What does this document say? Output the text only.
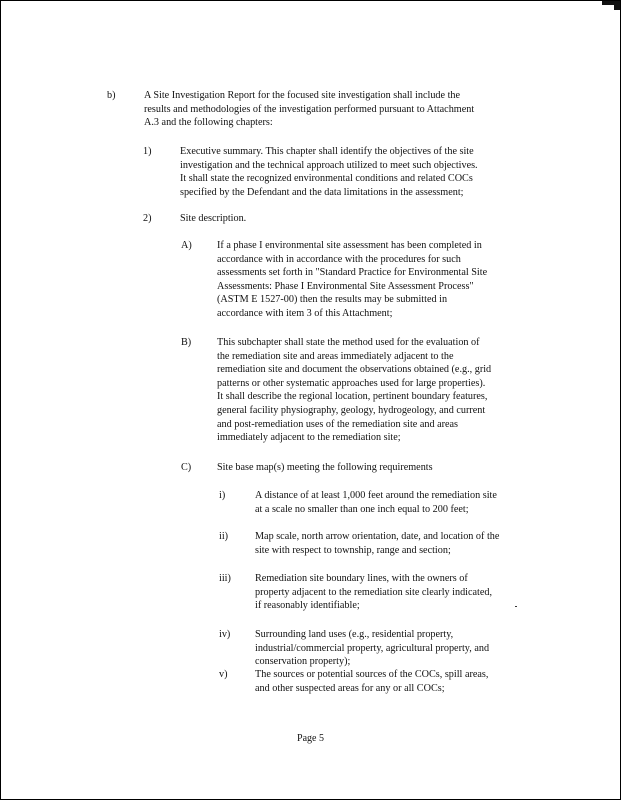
b)	A Site Investigation Report for the focused site investigation shall include the
results and methodologies of the investigation performed pursuant to Attachment
A.3 and the following chapters:
1)	Executive summary. This chapter shall identify the objectives of the site
investigation and the technical approach utilized to meet such objectives.
It shall state the recognized environmental conditions and related COCs
specified by the Defendant and the data limitations in the assessment;
2)	Site description.
A) If a phase I environmental site assessment has been completed in
accordance with in accordance with the procedures for such
assessments set forth in "Standard Practice for Environmental Site
Assessments: Phase I Environmental Site Assessment Process"
(ASTM E 1527-00) then the results may be submitted in
accordance with item 3 of this Attachment;
B)	This subchapter shall state the method used for the evaluation of
the remediation site and areas immediately adjacent to the
remediation site and document the observations obtained (e.g., grid
patterns or other systematic approaches used for large properties).
It shall describe the regional location, pertinent boundary features,
general facility physiography, geology, hydrogeology, and current
and post-remediation uses of the remediation site and areas
immediately adjacent to the remediation site;
C)	Site base map(s) meeting the following requirements
i)	A distance of at least 1,000 feet around the remediation site
at a scale no smaller than one inch equal to 200 feet;
ii)	Map scale, north arrow orientation, date, and location of the
site with respect to township, range and section;
iii) Remediation site boundary lines, with the owners of
property adjacent to the remediation site clearly indicated,
if reasonably identifiable;
iv) Surrounding land uses (e.g., residential property,
industrial/commercial property, agricultural property, and
conservation property);
v)	The sources or potential sources of the COCs, spill areas,
and other suspected areas for any or all COCs;
Page 5
